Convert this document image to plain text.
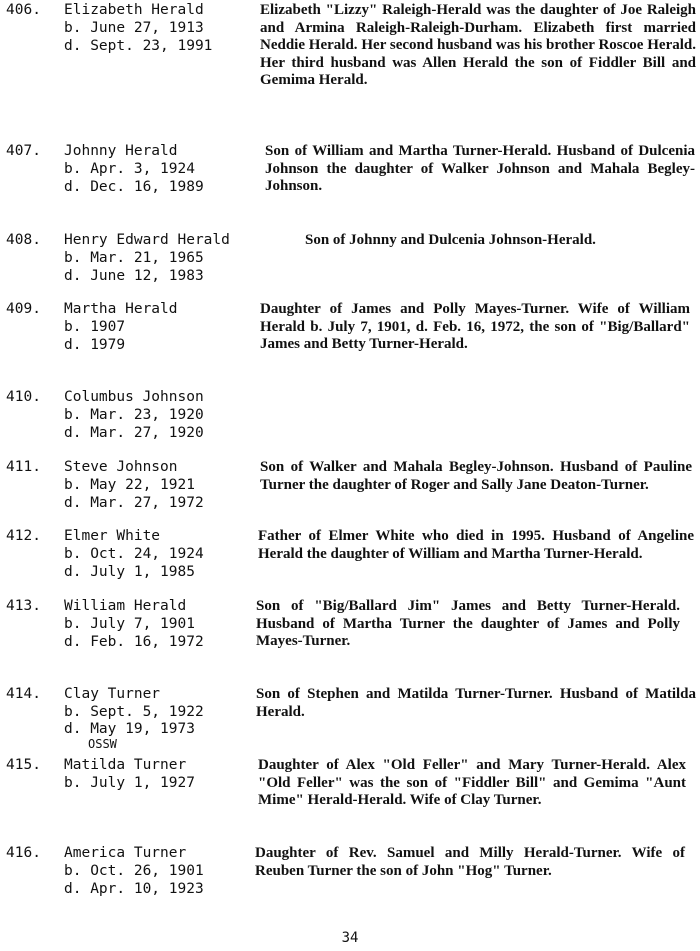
406. Elizabeth Herald
b. June 27, 1913
d. Sept. 23, 1991
Elizabeth "Lizzy" Raleigh-Herald was the daughter of Joe Raleigh and Armina Raleigh-Raleigh-Durham. Elizabeth first married Neddie Herald. Her second husband was his brother Roscoe Herald. Her third husband was Allen Herald the son of Fiddler Bill and Gemima Herald.
407. Johnny Herald
b. Apr. 3, 1924
d. Dec. 16, 1989
Son of William and Martha Turner-Herald. Husband of Dulcenia Johnson the daughter of Walker Johnson and Mahala Begley-Johnson.
408. Henry Edward Herald
b. Mar. 21, 1965
d. June 12, 1983
Son of Johnny and Dulcenia Johnson-Herald.
409. Martha Herald
b. 1907
d. 1979
Daughter of James and Polly Mayes-Turner. Wife of William Herald b. July 7, 1901, d. Feb. 16, 1972, the son of "Big/Ballard" James and Betty Turner-Herald.
410. Columbus Johnson
b. Mar. 23, 1920
d. Mar. 27, 1920
411. Steve Johnson
b. May 22, 1921
d. Mar. 27, 1972
Son of Walker and Mahala Begley-Johnson. Husband of Pauline Turner the daughter of Roger and Sally Jane Deaton-Turner.
412. Elmer White
b. Oct. 24, 1924
d. July 1, 1985
Father of Elmer White who died in 1995. Husband of Angeline Herald the daughter of William and Martha Turner-Herald.
413. William Herald
b. July 7, 1901
d. Feb. 16, 1972
Son of "Big/Ballard Jim" James and Betty Turner-Herald. Husband of Martha Turner the daughter of James and Polly Mayes-Turner.
414. Clay Turner
b. Sept. 5, 1922
d. May 19, 1973
OSSW
Son of Stephen and Matilda Turner-Turner. Husband of Matilda Herald.
415. Matilda Turner
b. July 1, 1927
Daughter of Alex "Old Feller" and Mary Turner-Herald. Alex "Old Feller" was the son of "Fiddler Bill" and Gemima "Aunt Mime" Herald-Herald. Wife of Clay Turner.
416. America Turner
b. Oct. 26, 1901
d. Apr. 10, 1923
Daughter of Rev. Samuel and Milly Herald-Turner. Wife of Reuben Turner the son of John "Hog" Turner.
34
